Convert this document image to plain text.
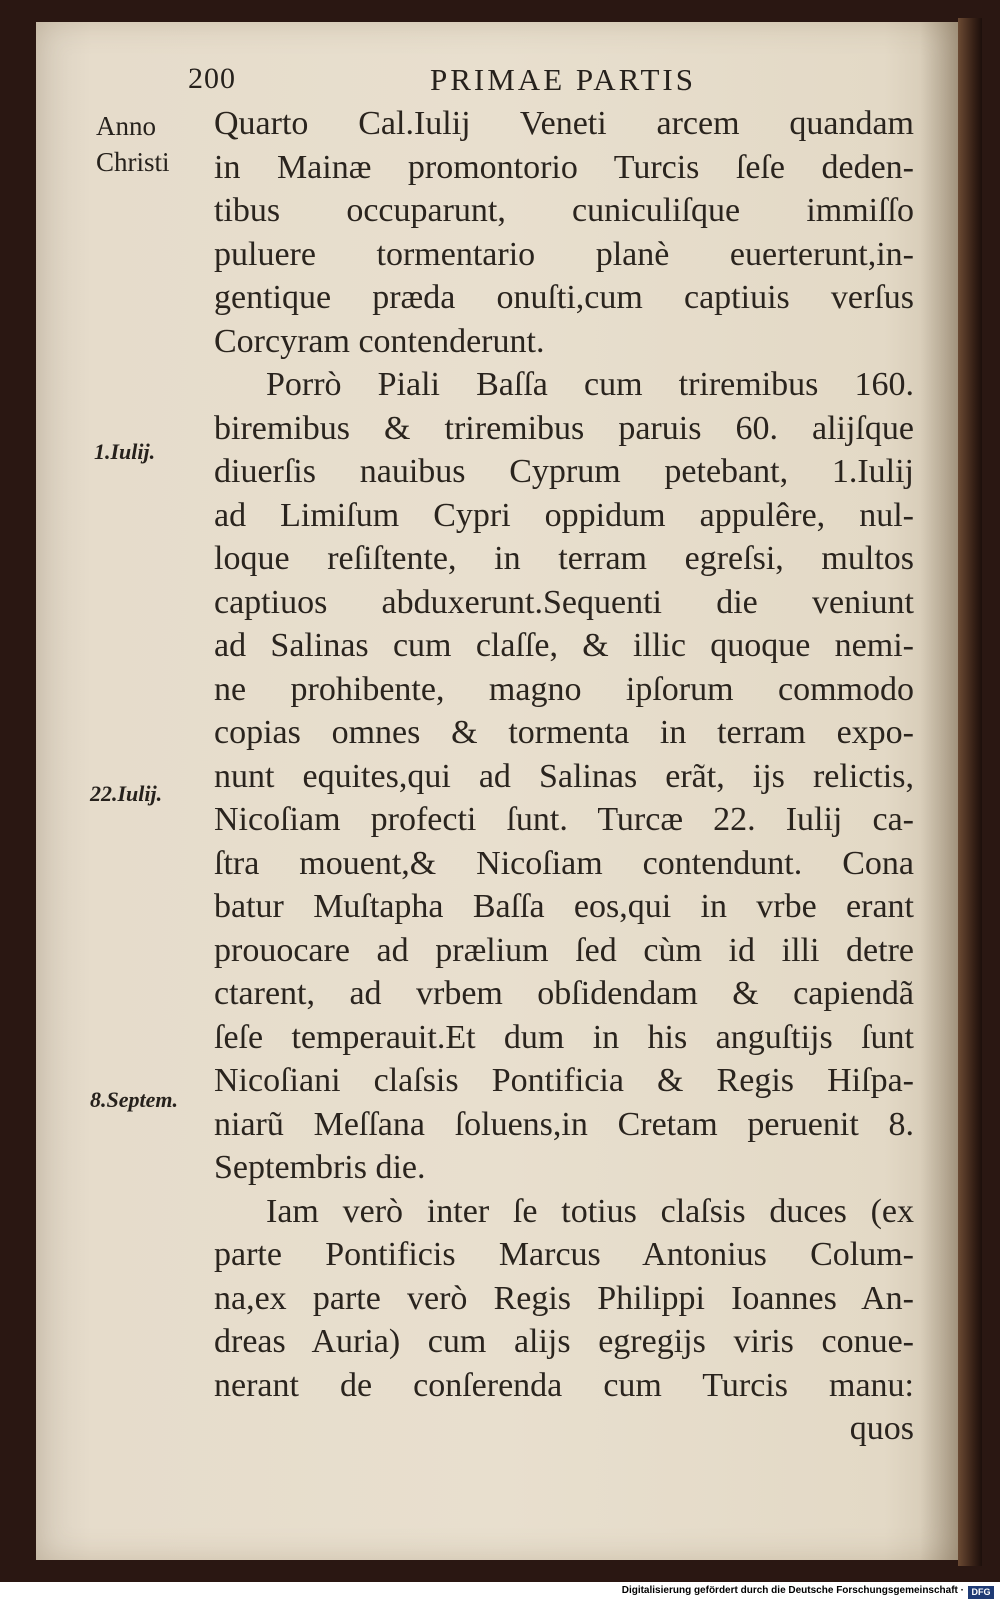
200	PRIMAE PARTIS
Anno
Christi
1.Iulij.
22.Iulij.
8.Septem.
Quarto Cal.Iulij Veneti arcem quandam
in Mainæ promontorio Turcis ſeſe deden-
tibus occuparunt, cuniculiſque immiſſo
puluere tormentario planè euerterunt,in-
gentique præda onuſti,cum captiuis verſus
Corcyram contenderunt.
Porrò Piali Baſſa cum triremibus 160.
biremibus & triremibus paruis 60. alijſque
diuerſis nauibus Cyprum petebant, 1.Iulij
ad Limiſum Cypri oppidum appulêre, nul-
loque reſiſtente, in terram egreſsi, multos
captiuos abduxerunt.Sequenti die veniunt
ad Salinas cum claſſe, & illic quoque nemi-
ne prohibente, magno ipſorum commodo
copias omnes & tormenta in terram expo-
nunt equites,qui ad Salinas erãt, ijs relictis,
Nicoſiam profecti ſunt. Turcæ 22. Iulij ca-
ſtra mouent,& Nicoſiam contendunt. Cona
batur Muſtapha Baſſa eos,qui in vrbe erant
prouocare ad prælium ſed cùm id illi detre
ctarent, ad vrbem obſidendam & capiendã
ſeſe temperauit.Et dum in his anguſtijs ſunt
Nicoſiani claſsis Pontificia & Regis Hiſpa-
niarũ Meſſana ſoluens,in Cretam peruenit 8.
Septembris die.
Iam verò inter ſe totius claſsis duces (ex
parte Pontificis Marcus Antonius Colum-
na,ex parte verò Regis Philippi Ioannes An-
dreas Auria) cum alijs egregijs viris conue-
nerant de conſerenda cum Turcis manu:
quos
Digitalisierung gefördert durch die Deutsche Forschungsgemeinschaft · DFG
